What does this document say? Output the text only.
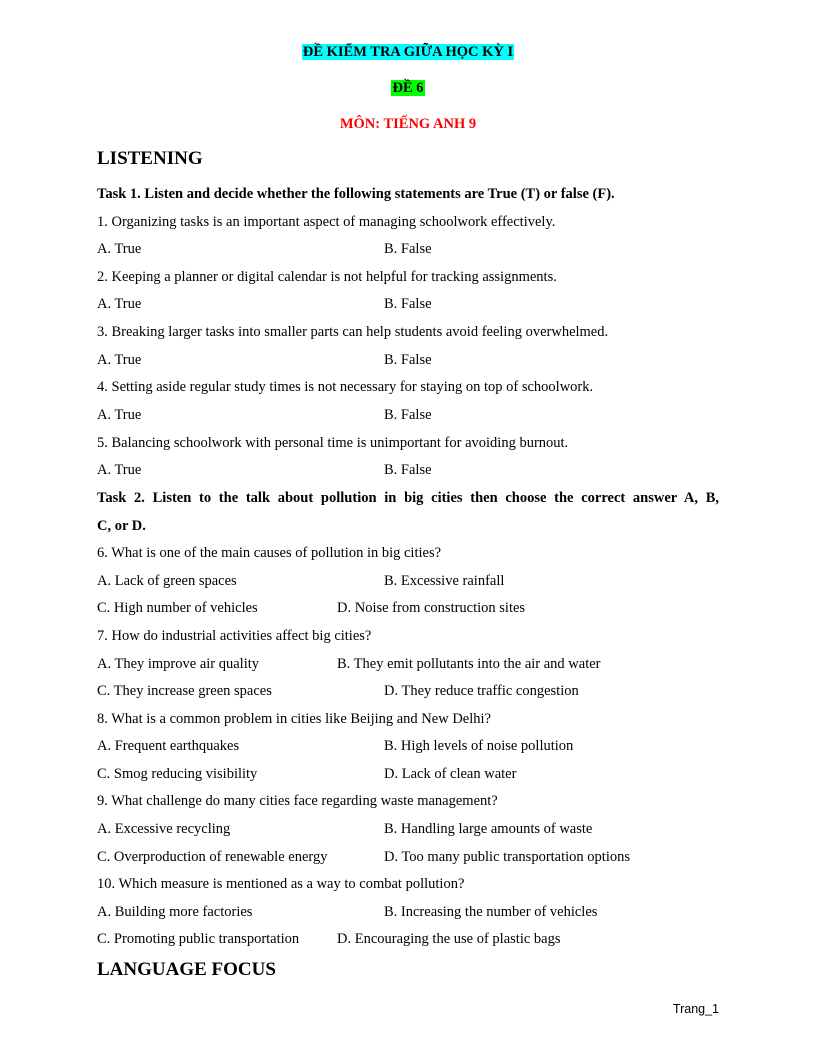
ĐỀ KIỂM TRA GIỮA HỌC KỲ I
ĐỀ 6
MÔN: TIẾNG ANH 9
LISTENING
Task 1. Listen and decide whether the following statements are True (T) or false (F).
1. Organizing tasks is an important aspect of managing schoolwork effectively.
A. True	B. False
2. Keeping a planner or digital calendar is not helpful for tracking assignments.
A. True	B. False
3. Breaking larger tasks into smaller parts can help students avoid feeling overwhelmed.
A. True	B. False
4. Setting aside regular study times is not necessary for staying on top of schoolwork.
A. True	B. False
5. Balancing schoolwork with personal time is unimportant for avoiding burnout.
A. True	B. False
Task 2. Listen to the talk about pollution in big cities then choose the correct answer A, B,
C, or D.
6. What is one of the main causes of pollution in big cities?
A. Lack of green spaces	B. Excessive rainfall
C. High number of vehicles	D. Noise from construction sites
7. How do industrial activities affect big cities?
A. They improve air quality	B. They emit pollutants into the air and water
C. They increase green spaces	D. They reduce traffic congestion
8. What is a common problem in cities like Beijing and New Delhi?
A. Frequent earthquakes	B. High levels of noise pollution
C. Smog reducing visibility	D. Lack of clean water
9. What challenge do many cities face regarding waste management?
A. Excessive recycling	B. Handling large amounts of waste
C. Overproduction of renewable energy	D. Too many public transportation options
10. Which measure is mentioned as a way to combat pollution?
A. Building more factories	B. Increasing the number of vehicles
C. Promoting public transportation	D. Encouraging the use of plastic bags
LANGUAGE FOCUS
Trang_1
